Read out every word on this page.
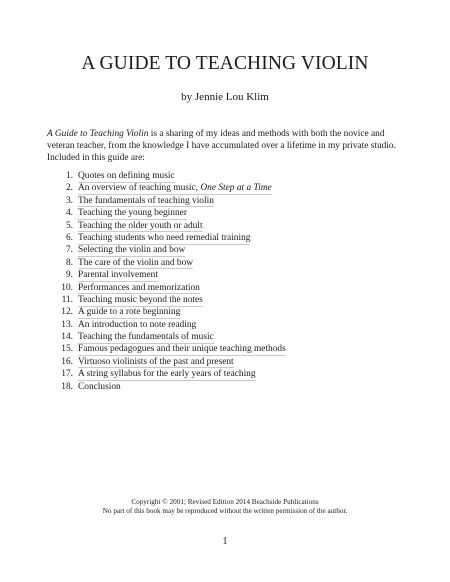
A GUIDE TO TEACHING VIOLIN

by Jennie Lou Klim

A Guide to Teaching Violin is a sharing of my ideas and methods with both the novice and veteran teacher, from the knowledge I have accumulated over a lifetime in my private studio. Included in this guide are:

1. Quotes on defining music
2. An overview of teaching music, One Step at a Time
3. The fundamentals of teaching violin
4. Teaching the young beginner
5. Teaching the older youth or adult
6. Teaching students who need remedial training
7. Selecting the violin and bow
8. The care of the violin and bow
9. Parental involvement
10. Performances and memorization
11. Teaching music beyond the notes
12. A guide to a rote beginning
13. An introduction to note reading
14. Teaching the fundamentals of music
15. Famous pedagogues and their unique teaching methods
16. Virtuoso violinists of the past and present
17. A string syllabus for the early years of teaching
18. Conclusion
Copyright © 2001; Revised Edition 2014 Beachside Publications
No part of this book may be reproduced without the written permission of the author.
1
